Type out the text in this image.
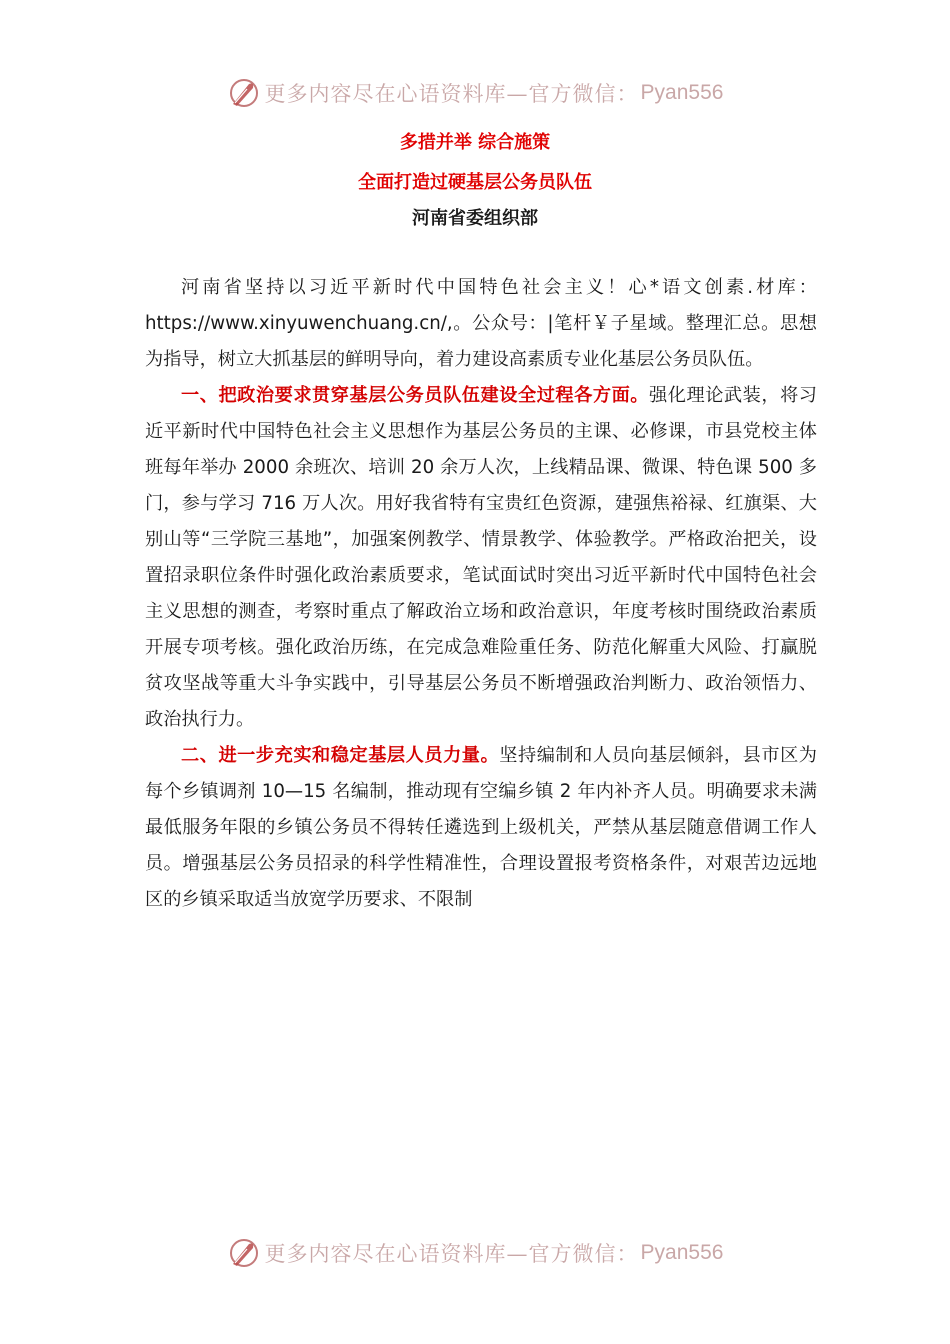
更多内容尽在心语资料库—官方微信： Pyan556
多措并举 综合施策
全面打造过硬基层公务员队伍
河南省委组织部

河南省坚持以习近平新时代中国特色社会主义！心*语文创素.材库：https://www.xinyuwenchuang.cn/,。公众号：|笔杆￥子星域。整理汇总。思想为指导，树立大抓基层的鲜明导向，着力建设高素质专业化基层公务员队伍。

一、把政治要求贯穿基层公务员队伍建设全过程各方面。强化理论武装，将习近平新时代中国特色社会主义思想作为基层公务员的主课、必修课，市县党校主体班每年举办 2000 余班次、培训 20 余万人次，上线精品课、微课、特色课 500 多门，参与学习 716 万人次。用好我省特有宝贵红色资源，建强焦裕禄、红旗渠、大别山等“三学院三基地”，加强案例教学、情景教学、体验教学。严格政治把关，设置招录职位条件时强化政治素质要求，笔试面试时突出习近平新时代中国特色社会主义思想的测查，考察时重点了解政治立场和政治意识，年度考核时围绕政治素质开展专项考核。强化政治历练，在完成急难险重任务、防范化解重大风险、打赢脱贫攻坚战等重大斗争实践中，引导基层公务员不断增强政治判断力、政治领悟力、政治执行力。

二、进一步充实和稳定基层人员力量。坚持编制和人员向基层倾斜，县市区为每个乡镇调剂 10—15 名编制，推动现有空编乡镇 2 年内补齐人员。明确要求未满最低服务年限的乡镇公务员不得转任遴选到上级机关，严禁从基层随意借调工作人员。增强基层公务员招录的科学性精准性，合理设置报考资格条件，对艰苦边远地区的乡镇采取适当放宽学历要求、不限制

更多内容尽在心语资料库—官方微信： Pyan556
